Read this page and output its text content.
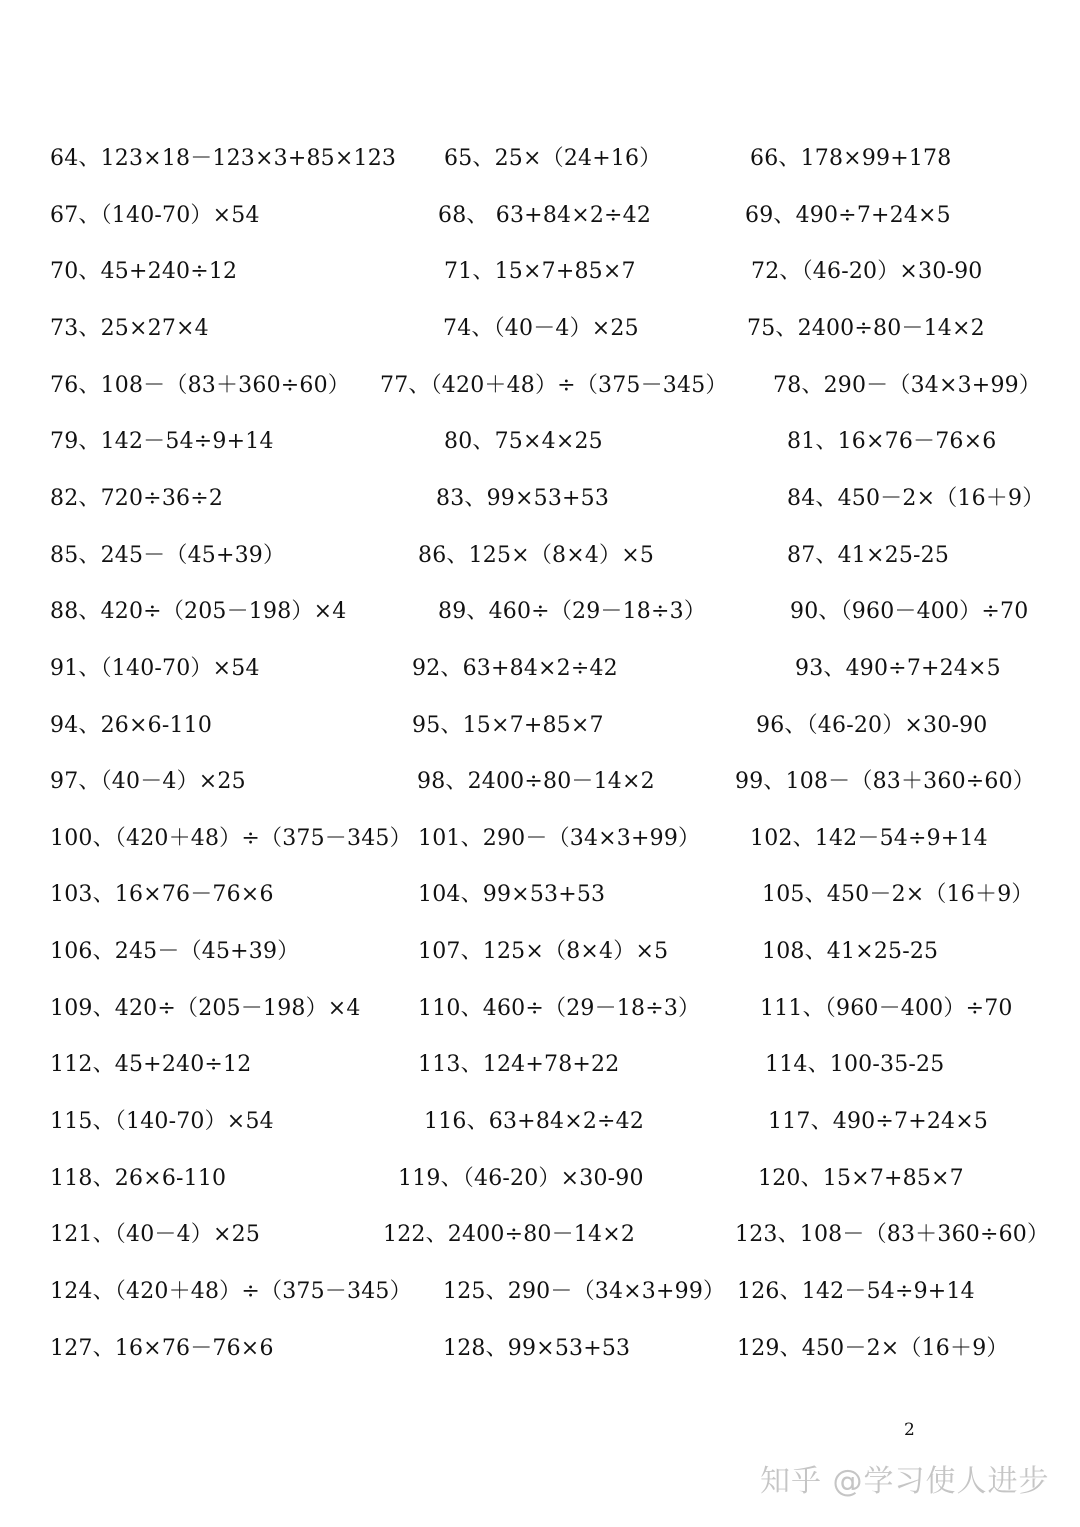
64、123×18－123×3+85×123 65、25×（24+16）	66、178×99+178
67、（140-70）×54	68、 63+84×2÷42	69、490÷7+24×5
70、45+240÷12	71、15×7+85×7	72、（46-20）×30-90
73、25×27×4	74、（40－4）×25	75、2400÷80－14×2
76、108－（83＋360÷60） 77、（420＋48）÷（375－345） 78、290－（34×3+99）
79、142－54÷9+14	80、75×4×25	81、16×76－76×6
82、720÷36÷2	83、99×53+53	84、450－2×（16＋9）
85、245－（45+39）	86、125×（8×4）×5	87、41×25-25
88、420÷（205－198）×4	89、460÷（29－18÷3）	90、（960－400）÷70
91、（140-70）×54	92、63+84×2÷42	93、490÷7+24×5
94、26×6-110	95、15×7+85×7	96、（46-20）×30-90
97、（40－4）×25	98、2400÷80－14×2	99、108－（83＋360÷60）
100、（420＋48）÷（375－345） 101、290－（34×3+99） 102、142－54÷9+14
103、16×76－76×6	104、99×53+53	105、450－2×（16＋9）
106、245－（45+39）	107、125×（8×4）×5	108、41×25-25
109、420÷（205－198）×4	110、460÷（29－18÷3）	111、（960－400）÷70
112、45+240÷12	113、124+78+22	114、100-35-25
115、（140-70）×54	116、63+84×2÷42	117、490÷7+24×5
118、26×6-110	119、（46-20）×30-90	120、15×7+85×7
121、（40－4）×25	122、2400÷80－14×2	123、108－（83＋360÷60）
124、（420＋48）÷（375－345） 125、290－（34×3+99） 126、142－54÷9+14
127、16×76－76×6	128、99×53+53	129、450－2×（16＋9）
2
知乎 @学习使人进步
